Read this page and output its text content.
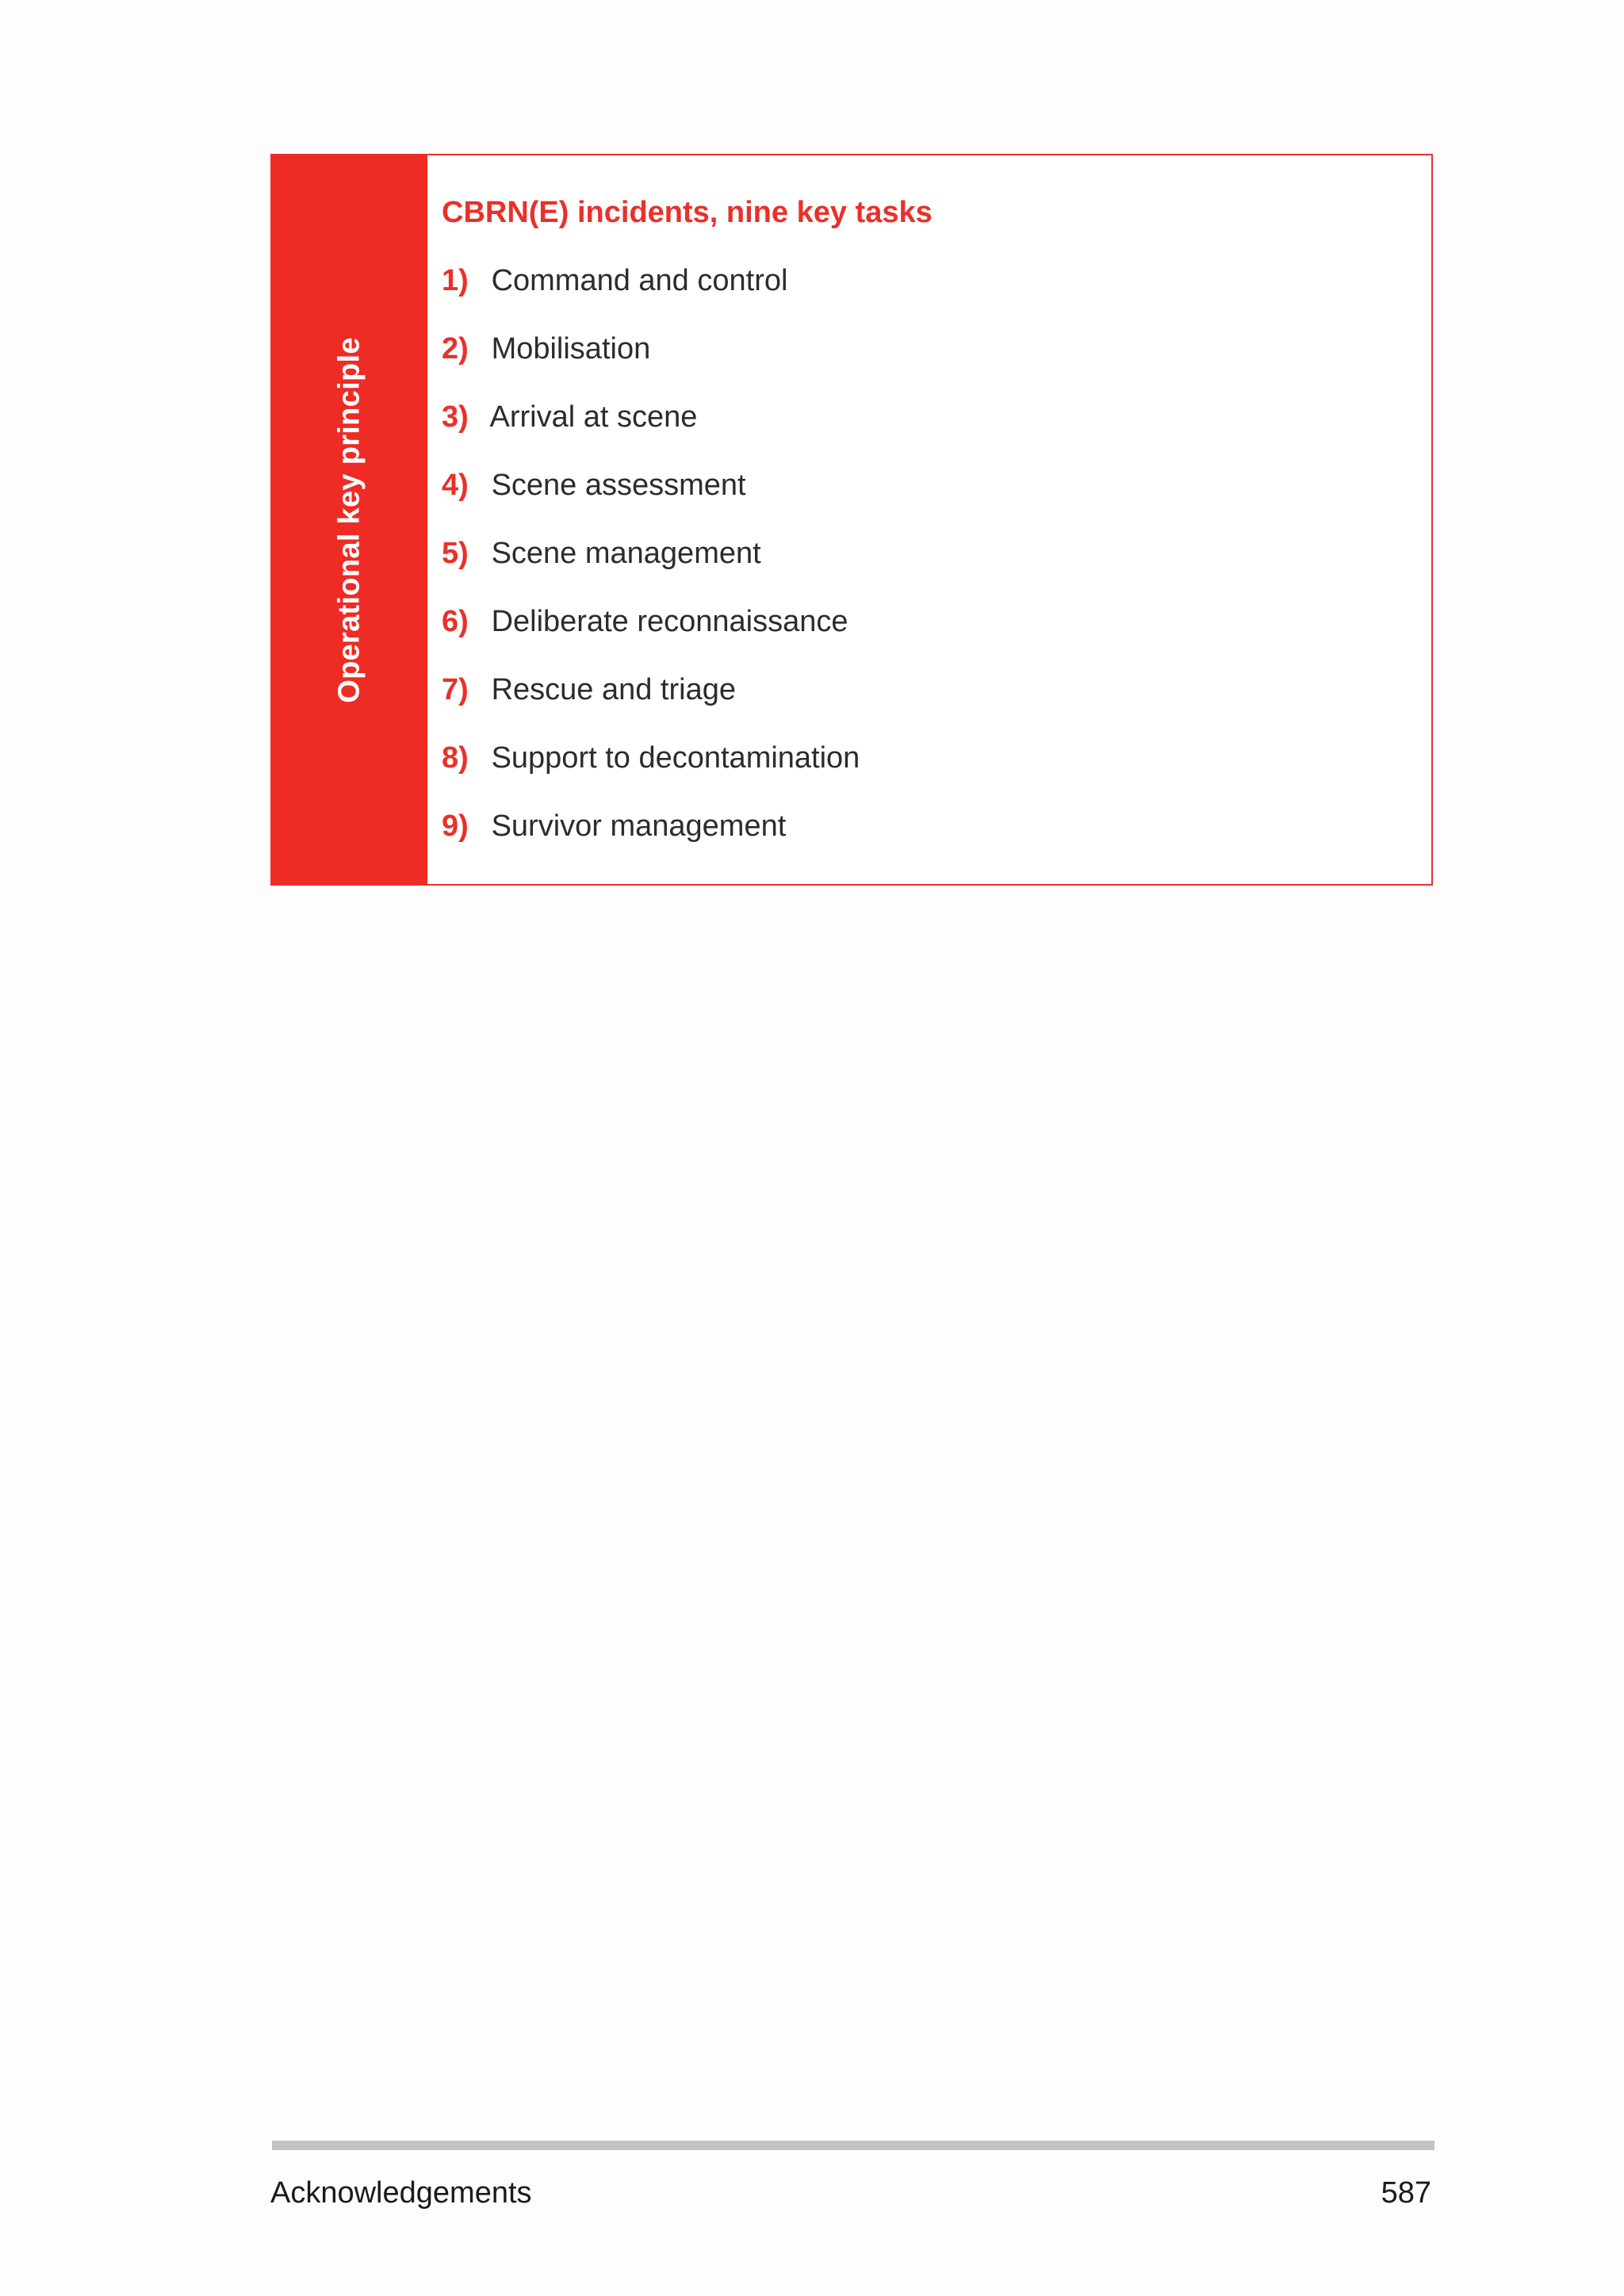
Operational key principle
CBRN(E) incidents, nine key tasks
1) Command and control
2) Mobilisation
3) Arrival at scene
4) Scene assessment
5) Scene management
6) Deliberate reconnaissance
7) Rescue and triage
8) Support to decontamination
9) Survivor management
Acknowledgements	587
